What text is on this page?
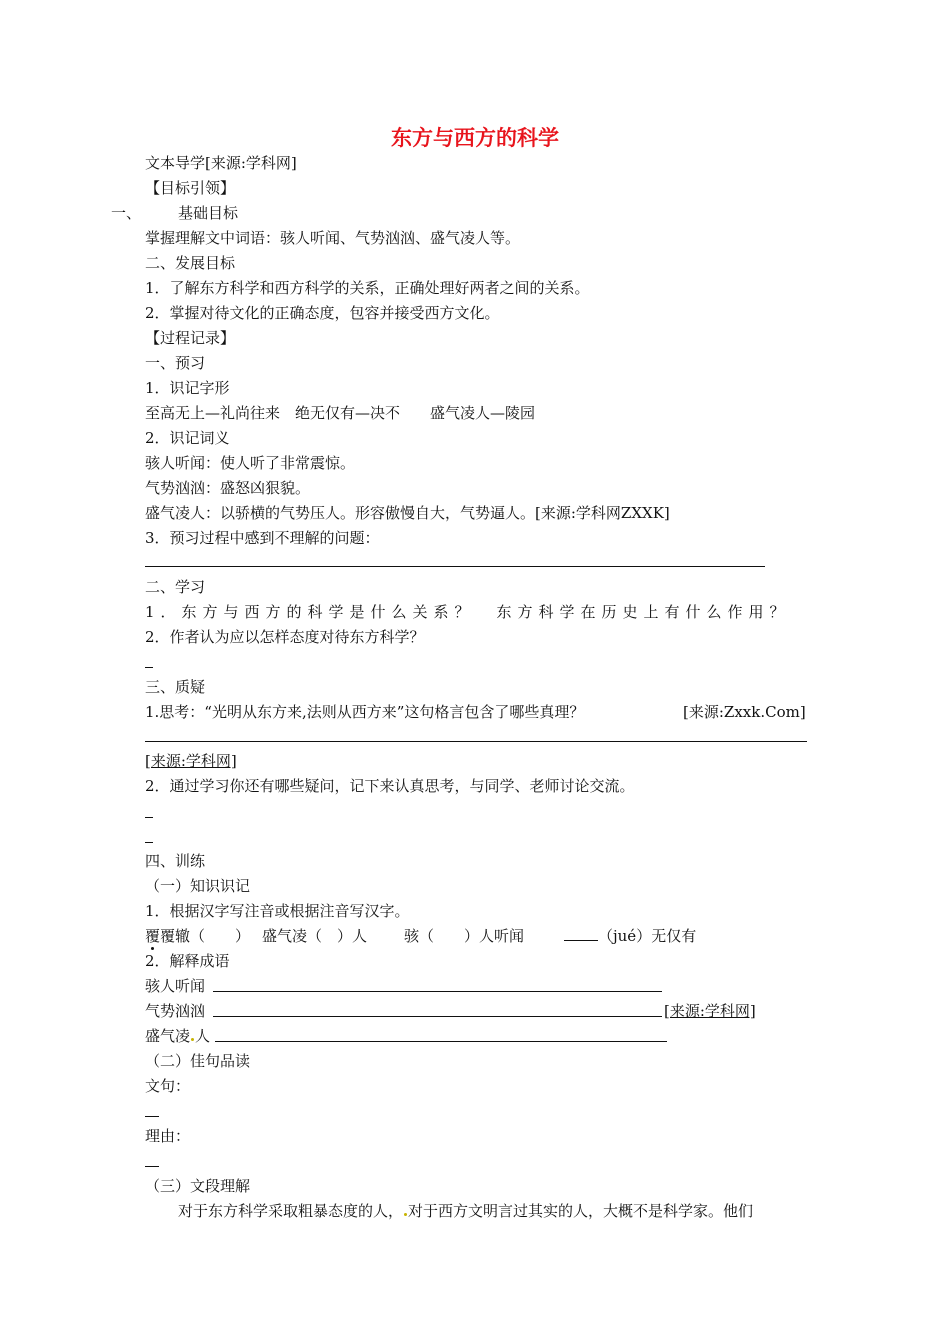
东方与西方的科学
文本导学[来源:学科网]
【目标引领】
一、 基础目标
掌握理解文中词语：骇人听闻、气势汹汹、盛气凌人等。
二、发展目标
1．了解东方科学和西方科学的关系，正确处理好两者之间的关系。
2．掌握对待文化的正确态度，包容并接受西方文化。
【过程记录】
一、预习
1．识记字形
至高无上—礼尚往来　绝无仅有—决不　　盛气凌人—陵园
2．识记词义
骇人听闻：使人听了非常震惊。
气势汹汹：盛怒凶狠貌。
盛气凌人：以骄横的气势压人。形容傲慢自大，气势逼人。[来源:学科网ZXXK]
3．预习过程中感到不理解的问题：
二、学习
1．东方与西方的科学是什么关系？　东方科学在历史上有什么作用？
2．作者认为应以怎样态度对待东方科学？
三、质疑
1.思考：“光明从东方来,法则从西方来”这句格言包含了哪些真理？	[来源:Zxxk.Com]
[来源:学科网]
2．通过学习你还有哪些疑问，记下来认真思考，与同学、老师讨论交流。
四、训练
（一）知识识记
1．根据汉字写注音或根据注音写汉字。
覆覆辙（　　） 盛气凌（　）人 骇（　　）人听闻	（jué）无仅有
2．解释成语
骇人听闻
气势汹汹	[来源:学科网]
盛气凌 人
（二）佳句品读
文句：
理由：
（三）文段理解
对于东方科学采取粗暴态度的人， 对于西方文明言过其实的人，大概不是科学家。他们
